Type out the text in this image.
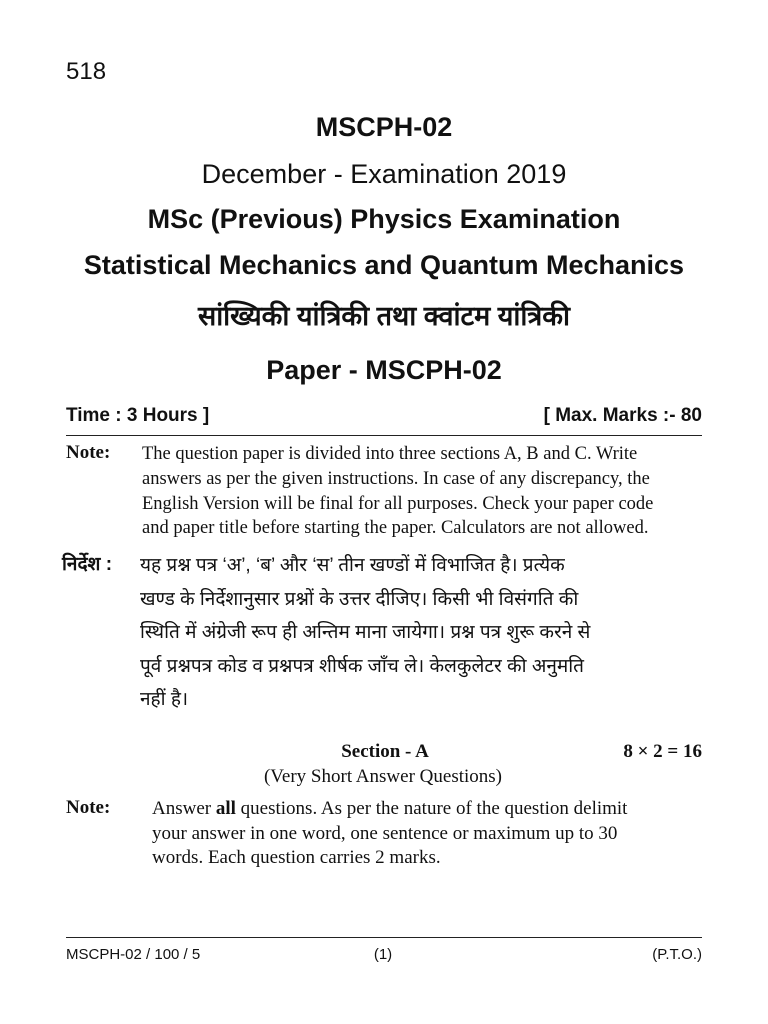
518
MSCPH-02
December - Examination 2019
MSc (Previous) Physics Examination
Statistical Mechanics and Quantum Mechanics
सांख्यिकी यांत्रिकी तथा क्वांटम यांत्रिकी
Paper - MSCPH-02
Time : 3 Hours ]	[ Max. Marks :- 80
Note: The question paper is divided into three sections A, B and C. Write
answers as per the given instructions. In case of any discrepancy, the
English Version will be final for all purposes. Check your paper code
and paper title before starting the paper. Calculators are not allowed.
निर्देश : यह प्रश्न पत्र ‘अ’, ‘ब’ और ‘स’ तीन खण्डों में विभाजित है। प्रत्येक
खण्ड के निर्देशानुसार प्रश्नों के उत्तर दीजिए। किसी भी विसंगति की
स्थिति में अंग्रेजी रूप ही अन्तिम माना जायेगा। प्रश्न पत्र शुरू करने से
पूर्व प्रश्नपत्र कोड व प्रश्नपत्र शीर्षक जाँच ले। केलकुलेटर की अनुमति
नहीं है।
Section - A	8 × 2 = 16
(Very Short Answer Questions)
Note: Answer all questions. As per the nature of the question delimit
your answer in one word, one sentence or maximum up to 30
words. Each question carries 2 marks.
MSCPH-02 / 100 / 5	(1)	(P.T.O.)
